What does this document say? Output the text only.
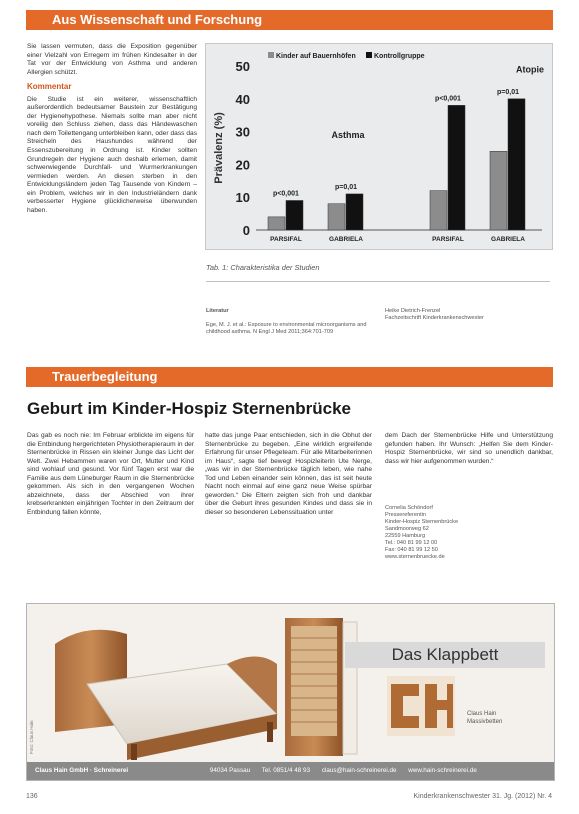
Aus Wissenschaft und Forschung

Sie lassen vermuten, dass die Exposition gegenüber einer Vielzahl von Erregern im frühen Kindesalter in der Tat vor der Entwicklung von Asthma und anderen Allergien schützt.

Kommentar

Die Studie ist ein weiterer, wissenschaftlich außerordentlich bedeutsamer Baustein zur Bestätigung der Hygienehypothese. Niemals sollte man aber nicht voreilig den Schluss ziehen, dass das Händewaschen nach dem Toilettengang unterbleiben kann, oder dass das Streicheln des Haushundes während der Essenszubereitung in Ordnung ist. Kinder sollten Grundregeln der Hygiene auch deshalb erlernen, damit schwerwiegende Durchfall- und Wurmerkrankungen vermieden werden. An diesen sterben in den Entwicklungsländern jeden Tag Tausende von Kindern – ein Problem, welches wir in den Industrieländern dank verbesserter Hygiene glücklicherweise überwunden haben.

Prävalenz (%)
0
10
20
30
40
50
p<0,001
PARSIFAL
p=0,01
GABRIELA
p<0,001
PARSIFAL
p=0,01
GABRIELA
Asthma
Atopie
Kinder auf Bauernhöfen	Kontrollgruppe
Tab. 1: Charakteristika der Studien
Literatur
Ege, M. J. et al.: Exposure to environmental microorganisms and childhood asthma. N Engl J Med 2011;364:701-709
Heike Dietrich-Frenzel
Fachzeitschrift Kinderkrankenschwester
Trauerbegleitung
Geburt im Kinder-Hospiz Sternenbrücke

Das gab es noch nie: Im Februar erblickte im eigens für die Entbindung hergerichteten Physiotherapieraum in der Sternenbrücke in Rissen ein kleiner Junge das Licht der Welt. Zwei Hebammen waren vor Ort, Mutter und Kind sind wohlauf und gesund. Vor fünf Tagen erst war die Familie aus dem Lüneburger Raum in die Sternenbrücke gekommen. Als sich in den vergangenen Wochen abzeichnete, dass der Abschied von ihrer krebserkrankten einjährigen Tochter in den Zeitraum der Entbindung fallen könnte,

hatte das junge Paar entschieden, sich in die Obhut der Sternenbrücke zu begeben. „Eine wirklich ergreifende Erfahrung für unser Pflegeteam. Für alle Mitarbeiterinnen im Haus“, sagte tief bewegt Hospizleiterin Ute Nerge, „was wir in der Sternenbrücke täglich leben, wie nahe Tod und Leben einander sein können, das ist seit heute Nacht noch einmal auf eine ganz neue Weise spürbar geworden.“ Die Eltern zeigten sich froh und dankbar über die Geburt ihres gesunden Kindes und dass sie in dieser so besonderen Lebenssituation unter

dem Dach der Sternenbrücke Hilfe und Unterstützung gefunden haben. Ihr Wunsch: „Helfen Sie dem Kinder-Hospiz Sternenbrücke, wir sind so unendlich dankbar, dass wir hier aufgenommen wurden.“

Cornelia Schöndorf
Pressereferentin
Kinder-Hospiz Sternenbrücke
Sandmoorweg 62
22559 Hamburg
Tel.: 040 81 99 12 00
Fax: 040 81 99 12 50
www.sternenbruecke.de
Das Klappbett
Claus Hain
Massivbetten
Foto: Claus Hain
Claus Hain GmbH · Schreinerei	94034 Passau Tel. 0851/4 48 93 claus@hain-schreinerei.de www.hain-schreinerei.de
136	Kinderkrankenschwester 31. Jg. (2012) Nr. 4
